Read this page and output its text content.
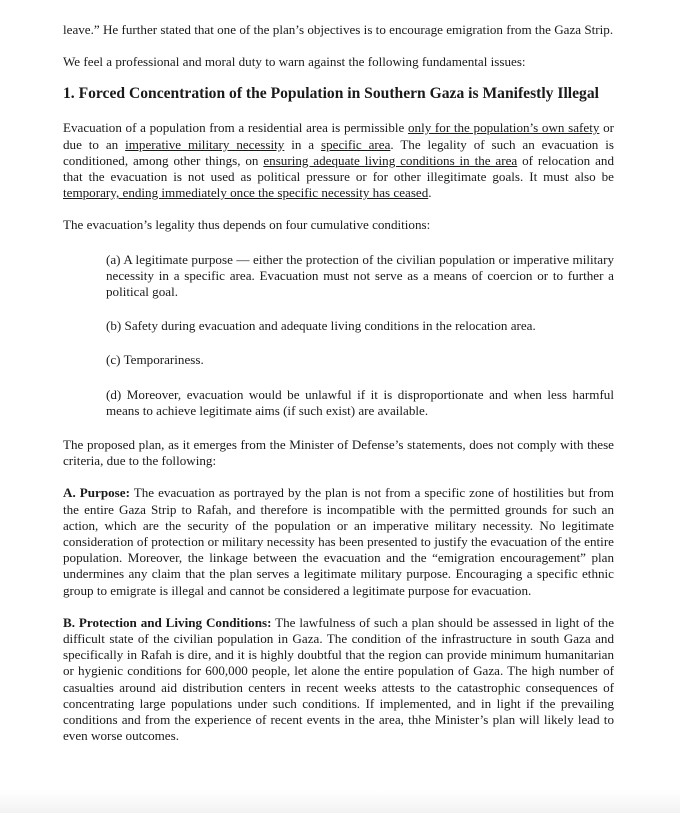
leave.” He further stated that one of the plan’s objectives is to encourage emigration from the Gaza Strip.

We feel a professional and moral duty to warn against the following fundamental issues:

1. Forced Concentration of the Population in Southern Gaza is Manifestly Illegal

Evacuation of a population from a residential area is permissible only for the population’s own safety or due to an imperative military necessity in a specific area. The legality of such an evacuation is conditioned, among other things, on ensuring adequate living conditions in the area of relocation and that the evacuation is not used as political pressure or for other illegitimate goals. It must also be temporary, ending immediately once the specific necessity has ceased.

The evacuation’s legality thus depends on four cumulative conditions:

(a) A legitimate purpose — either the protection of the civilian population or imperative military necessity in a specific area. Evacuation must not serve as a means of coercion or to further a political goal.

(b) Safety during evacuation and adequate living conditions in the relocation area.

(c) Temporariness.

(d) Moreover, evacuation would be unlawful if it is disproportionate and when less harmful means to achieve legitimate aims (if such exist) are available.

The proposed plan, as it emerges from the Minister of Defense’s statements, does not comply with these criteria, due to the following:

A. Purpose: The evacuation as portrayed by the plan is not from a specific zone of hostilities but from the entire Gaza Strip to Rafah, and therefore is incompatible with the permitted grounds for such an action, which are the security of the population or an imperative military necessity. No legitimate consideration of protection or military necessity has been presented to justify the evacuation of the entire population. Moreover, the linkage between the evacuation and the “emigration encouragement” plan undermines any claim that the plan serves a legitimate military purpose. Encouraging a specific ethnic group to emigrate is illegal and cannot be considered a legitimate purpose for evacuation.

B. Protection and Living Conditions: The lawfulness of such a plan should be assessed in light of the difficult state of the civilian population in Gaza. The condition of the infrastructure in south Gaza and specifically in Rafah is dire, and it is highly doubtful that the region can provide minimum humanitarian or hygienic conditions for 600,000 people, let alone the entire population of Gaza. The high number of casualties around aid distribution centers in recent weeks attests to the catastrophic consequences of concentrating large populations under such conditions. If implemented, and in light if the prevailing conditions and from the experience of recent events in the area, thhe Minister’s plan will likely lead to even worse outcomes.
